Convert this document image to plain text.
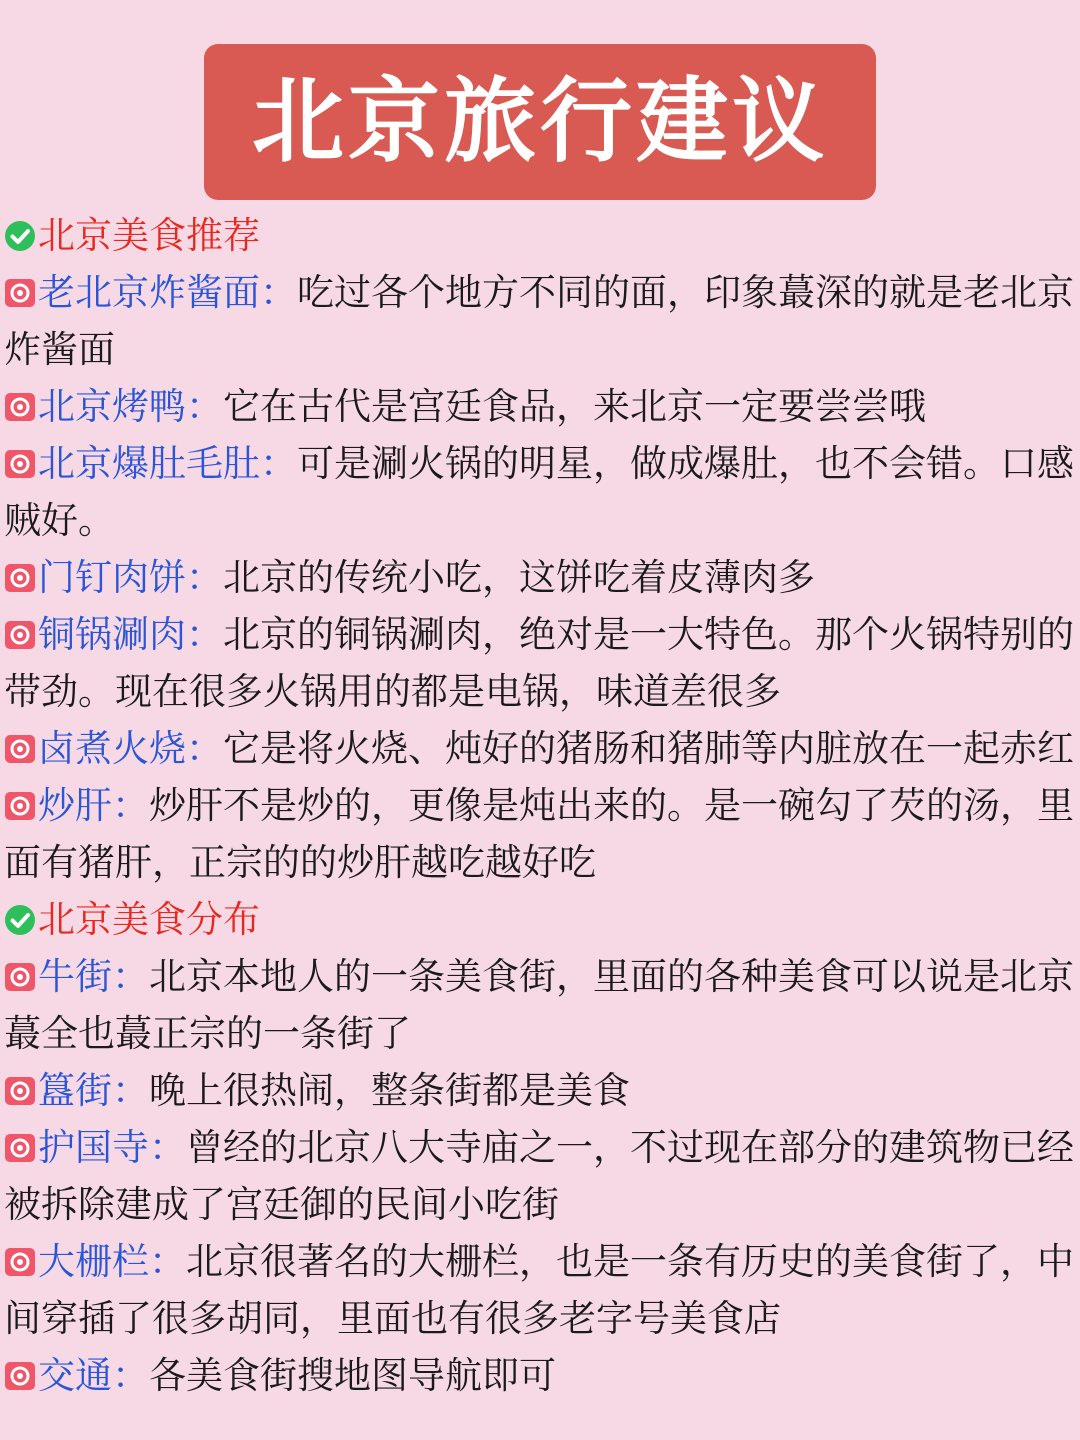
北京旅行建议
北京美食推荐
老北京炸酱面：吃过各个地方不同的面，印象蕞深的就是老北京
炸酱面
北京烤鸭：它在古代是宫廷食品，来北京一定要尝尝哦
北京爆肚毛肚：可是涮火锅的明星，做成爆肚，也不会错。口感
贼好。
门钉肉饼：北京的传统小吃，这饼吃着皮薄肉多
铜锅涮肉：北京的铜锅涮肉，绝对是一大特色。那个火锅特别的
带劲。现在很多火锅用的都是电锅，味道差很多
卤煮火烧：它是将火烧、炖好的猪肠和猪肺等内脏放在一起赤红
炒肝：炒肝不是炒的，更像是炖出来的。是一碗勾了芡的汤，里
面有猪肝，正宗的的炒肝越吃越好吃
北京美食分布
牛街：北京本地人的一条美食街，里面的各种美食可以说是北京
蕞全也蕞正宗的一条街了
簋街：晚上很热闹，整条街都是美食
护国寺：曾经的北京八大寺庙之一，不过现在部分的建筑物已经
被拆除建成了宫廷御的民间小吃街
大栅栏：北京很著名的大栅栏，也是一条有历史的美食街了，中
间穿插了很多胡同，里面也有很多老字号美食店
交通：各美食街搜地图导航即可
